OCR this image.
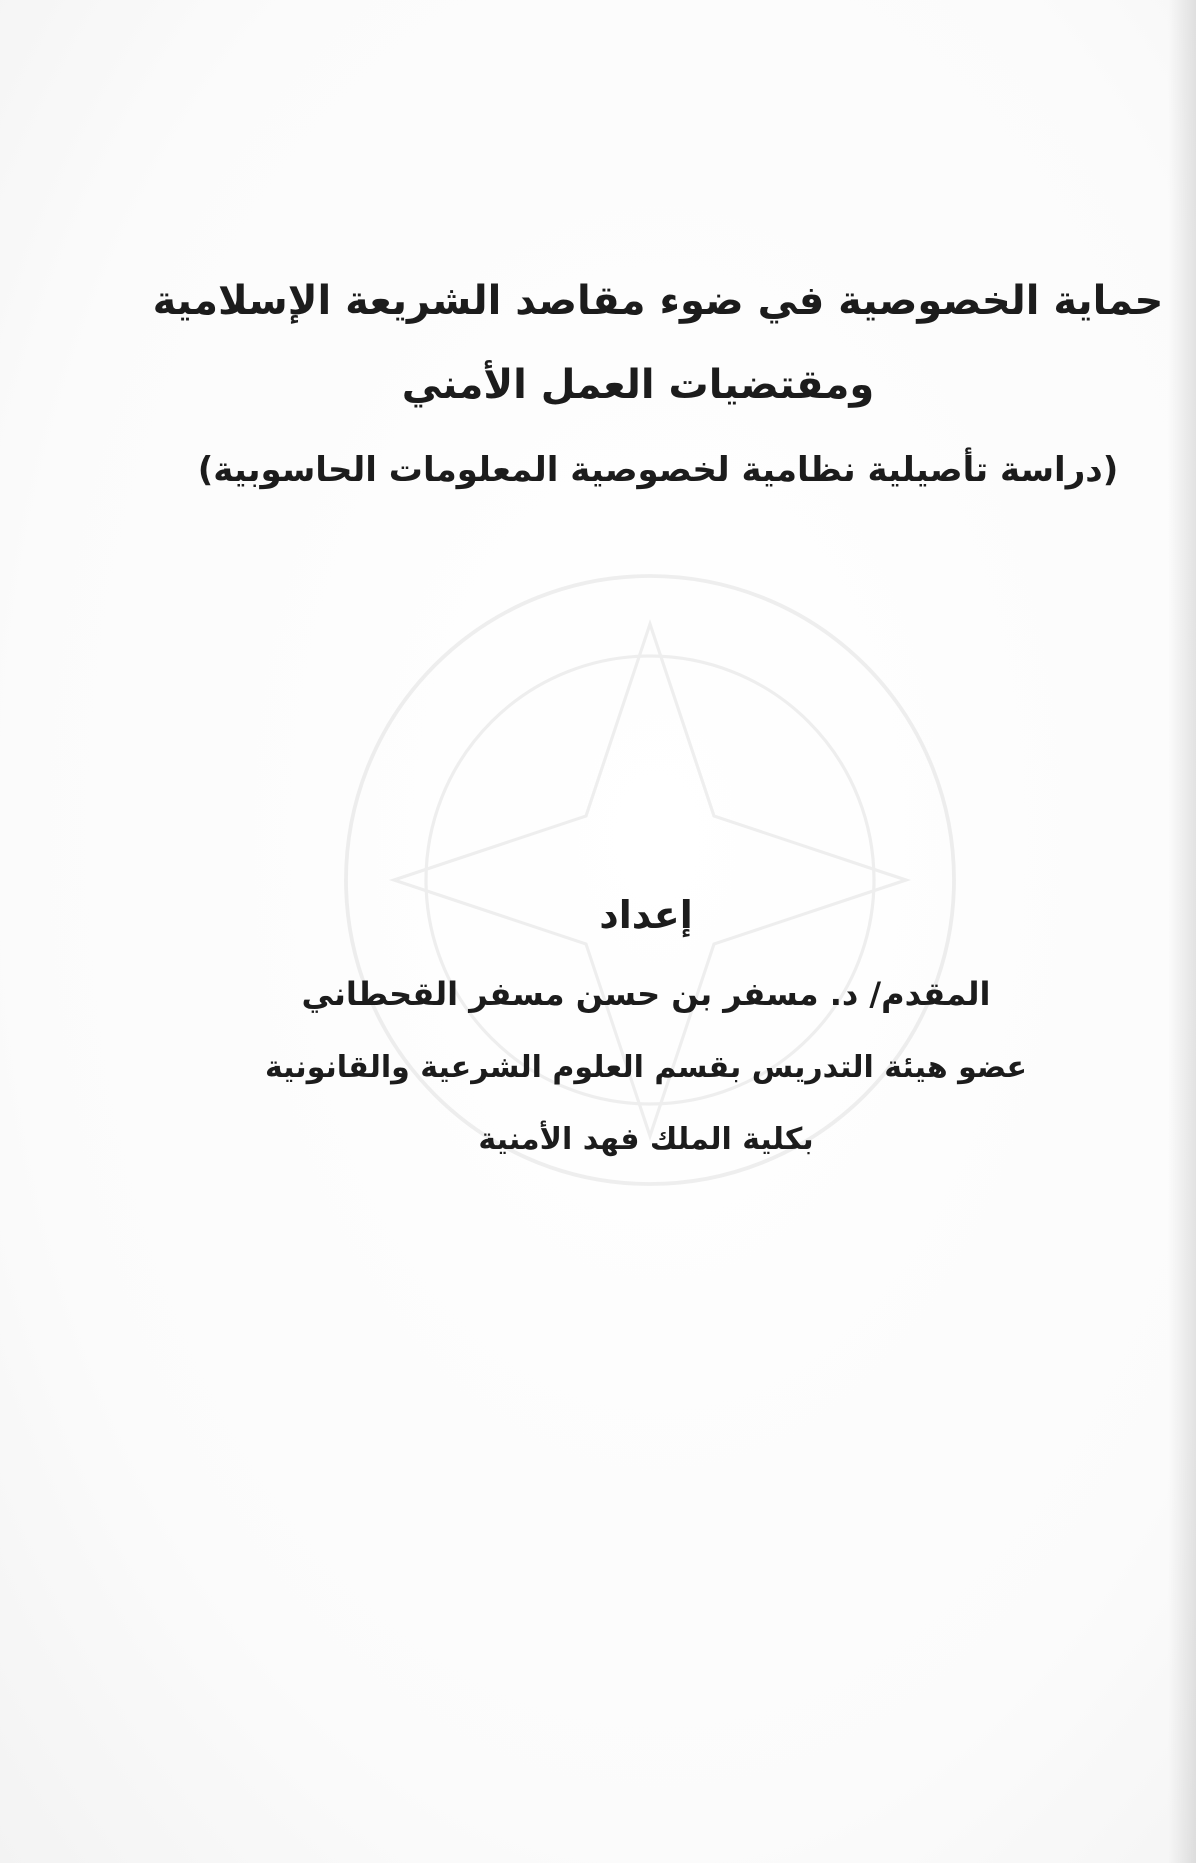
حماية الخصوصية في ضوء مقاصد الشريعة الإسلامية
ومقتضيات العمل الأمني
(دراسة تأصيلية نظامية لخصوصية المعلومات الحاسوبية)

إعداد

المقدم/ د. مسفر بن حسن مسفر القحطاني

عضو هيئة التدريس بقسم العلوم الشرعية والقانونية

بكلية الملك فهد الأمنية
